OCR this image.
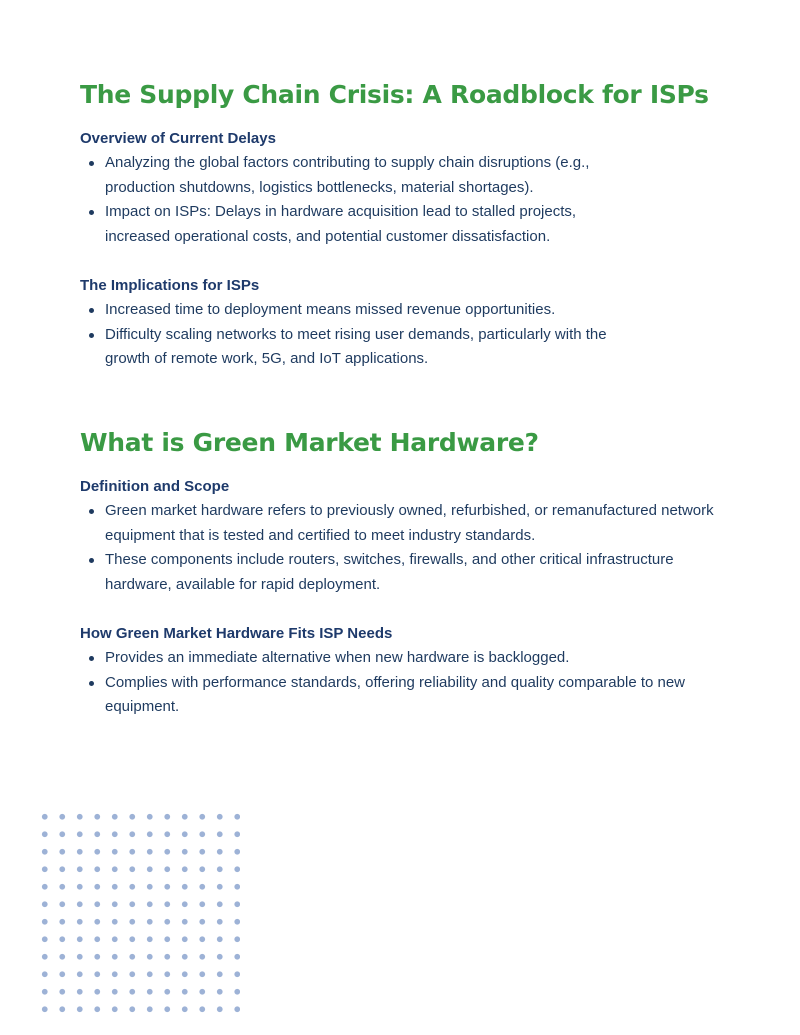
The Supply Chain Crisis: A Roadblock for ISPs
Overview of Current Delays
Analyzing the global factors contributing to supply chain disruptions (e.g., production shutdowns, logistics bottlenecks, material shortages).
Impact on ISPs: Delays in hardware acquisition lead to stalled projects, increased operational costs, and potential customer dissatisfaction.
The Implications for ISPs
Increased time to deployment means missed revenue opportunities.
Difficulty scaling networks to meet rising user demands, particularly with the growth of remote work, 5G, and IoT applications.
What is Green Market Hardware?
Definition and Scope
Green market hardware refers to previously owned, refurbished, or remanufactured network equipment that is tested and certified to meet industry standards.
These components include routers, switches, firewalls, and other critical infrastructure hardware, available for rapid deployment.
How Green Market Hardware Fits ISP Needs
Provides an immediate alternative when new hardware is backlogged.
Complies with performance standards, offering reliability and quality comparable to new equipment.
